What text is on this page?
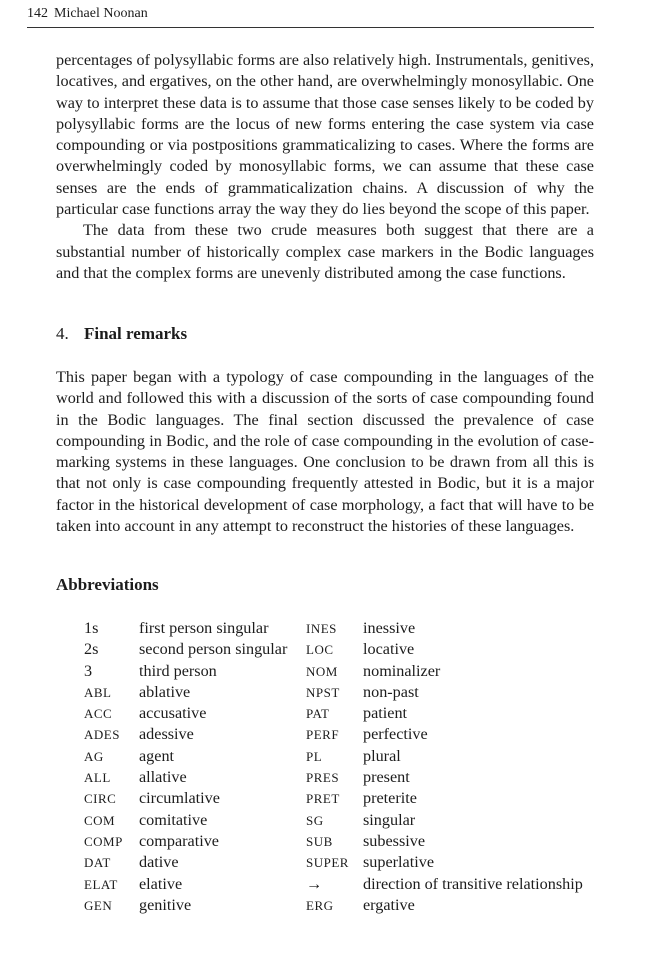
142 Michael Noonan

percentages of polysyllabic forms are also relatively high. Instrumentals, genitives, locatives, and ergatives, on the other hand, are overwhelmingly monosyllabic. One way to interpret these data is to assume that those case senses likely to be coded by polysyllabic forms are the locus of new forms entering the case system via case compounding or via postpositions grammaticalizing to cases. Where the forms are overwhelmingly coded by monosyllabic forms, we can assume that these case senses are the ends of grammaticalization chains. A discussion of why the particular case functions array the way they do lies beyond the scope of this paper.

The data from these two crude measures both suggest that there are a substantial number of historically complex case markers in the Bodic languages and that the complex forms are unevenly distributed among the case functions.

4. Final remarks

This paper began with a typology of case compounding in the languages of the world and followed this with a discussion of the sorts of case compounding found in the Bodic languages. The final section discussed the prevalence of case compounding in Bodic, and the role of case compounding in the evolution of case-marking systems in these languages. One conclusion to be drawn from all this is that not only is case compounding frequently attested in Bodic, but it is a major factor in the historical development of case morphology, a fact that will have to be taken into account in any attempt to reconstruct the histories of these languages.

Abbreviations
1s	first person singular	INES	inessive
2s	second person singular	LOC	locative
3	third person	NOM	nominalizer
ABL	ablative	NPST	non-past
ACC	accusative	PAT	patient
ADES	adessive	PERF	perfective
AG	agent	PL	plural
ALL	allative	PRES	present
CIRC	circumlative	PRET	preterite
COM	comitative	SG	singular
COMP	comparative	SUB	subessive
DAT	dative	SUPER	superlative
ELAT	elative	→	direction of transitive relationship
GEN	genitive	ERG	ergative
